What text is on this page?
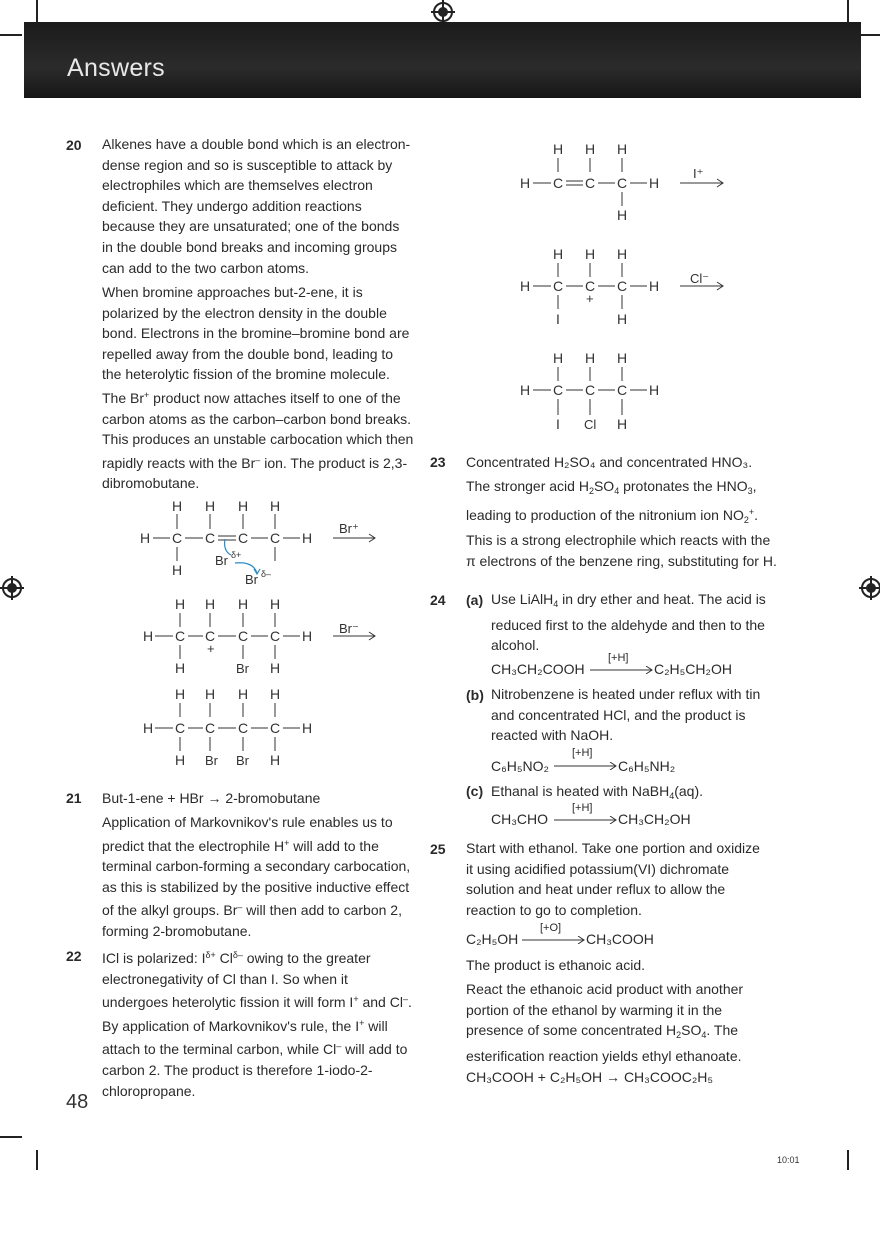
Answers
20 Alkenes have a double bond which is an electron-dense region and so is susceptible to attack by electrophiles which are themselves electron deficient. They undergo addition reactions because they are unsaturated; one of the bonds in the double bond breaks and incoming groups can add to the two carbon atoms.
When bromine approaches but-2-ene, it is polarized by the electron density in the double bond. Electrons in the bromine–bromine bond are repelled away from the double bond, leading to the heterolytic fission of the bromine molecule. The Br+ product now attaches itself to one of the carbon atoms as the carbon–carbon bond breaks. This produces an unstable carbocation which then rapidly reacts with the Br– ion. The product is 2,3-dibromobutane.
H H H H
H C C C C H
H
Br δ+
Br δ–
Br⁺
H H H H
H C C C C H
+
H	Br H
Br⁻
H H H H
H C C C C H
H Br Br H
21 But-1-ene + HBr → 2-bromobutane
Application of Markovnikov's rule enables us to predict that the electrophile H+ will add to the terminal carbon-forming a secondary carbocation, as this is stabilized by the positive inductive effect of the alkyl groups. Br– will then add to carbon 2, forming 2-bromobutane.
22 ICl is polarized: $I^{\delta+}$ $Cl^{\delta-}$ owing to the greater electronegativity of Cl than I. So when it undergoes heterolytic fission it will form I+ and Cl–. By application of Markovnikov's rule, the I+ will attach to the terminal carbon, while Cl– will add to carbon 2. The product is therefore 1-iodo-2-chloropropane.
48
H H H
H C C C H
H
I⁺
H H H
H C C C H
+
I	H
Cl⁻
H H H
H C C C H
I Cl H
23 Concentrated H₂SO₄ and concentrated HNO₃.
The stronger acid $H_2SO_4$ protonates the $HNO_3$, leading to production of the nitronium ion $NO_2^+$. This is a strong electrophile which reacts with the π electrons of the benzene ring, substituting for H.
24 (a) Use LiAlH$_4$ in dry ether and heat. The acid is reduced first to the aldehyde and then to the alcohol.
CH₃CH₂COOH
[+H]
C₂H₅CH₂OH
(b) Nitrobenzene is heated under reflux with tin and concentrated HCl, and the product is reacted with NaOH.
C₆H₅NO₂
[+H]
C₆H₅NH₂
(c) Ethanal is heated with NaBH$_4$(aq).
CH₃CHO
[+H]
CH₃CH₂OH
25 Start with ethanol. Take one portion and oxidize it using acidified potassium(VI) dichromate solution and heat under reflux to allow the reaction to go to completion.
C₂H₅OH
[+O]
CH₃COOH
The product is ethanoic acid.
React the ethanoic acid product with another portion of the ethanol by warming it in the presence of some concentrated $H_2SO_4$. The esterification reaction yields ethyl ethanoate.
CH₃COOH + C₂H₅OH → CH₃COOC₂H₅
10:01
